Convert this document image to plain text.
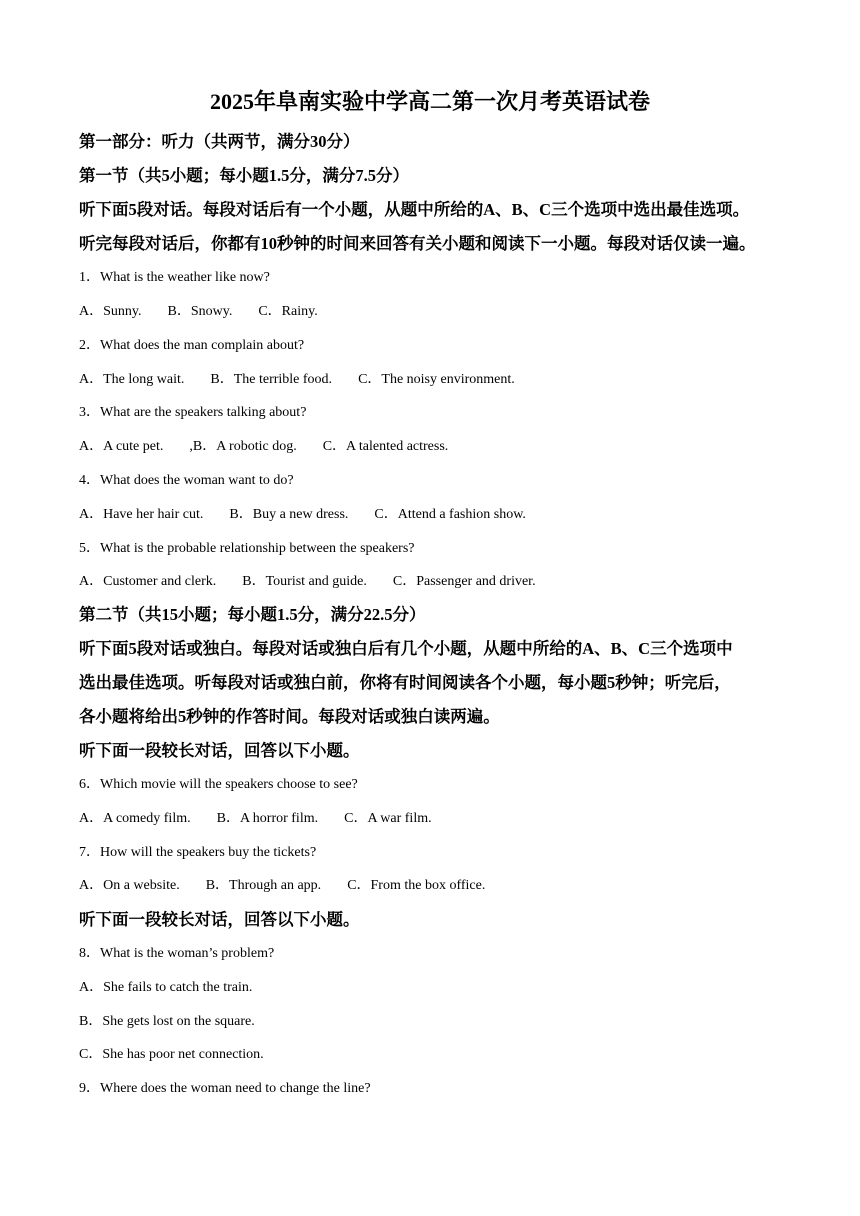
2025年阜南实验中学高二第一次月考英语试卷
第一部分：听力（共两节，满分30分）
第一节（共5小题；每小题1.5分，满分7.5分）
听下面5段对话。每段对话后有一个小题，从题中所给的A、B、C三个选项中选出最佳选项。
听完每段对话后，你都有10秒钟的时间来回答有关小题和阅读下一小题。每段对话仅读一遍。
1．What is the weather like now?
A．Sunny. B．Snowy. C．Rainy.
2．What does the man complain about?
A．The long wait. B．The terrible food. C．The noisy environment.
3．What are the speakers talking about?
A．A cute pet. ,B．A robotic dog. C．A talented actress.
4．What does the woman want to do?
A．Have her hair cut. B．Buy a new dress. C．Attend a fashion show.
5．What is the probable relationship between the speakers?
A．Customer and clerk. B．Tourist and guide. C．Passenger and driver.
第二节（共15小题；每小题1.5分，满分22.5分）
听下面5段对话或独白。每段对话或独白后有几个小题，从题中所给的A、B、C三个选项中
选出最佳选项。听每段对话或独白前，你将有时间阅读各个小题，每小题5秒钟；听完后，
各小题将给出5秒钟的作答时间。每段对话或独白读两遍。
听下面一段较长对话，回答以下小题。
6．Which movie will the speakers choose to see?
A．A comedy film. B．A horror film. C．A war film.
7．How will the speakers buy the tickets?
A．On a website. B．Through an app. C．From the box office.
听下面一段较长对话，回答以下小题。
8．What is the woman’s problem?
A．She fails to catch the train.
B．She gets lost on the square.
C．She has poor net connection.
9．Where does the woman need to change the line?
